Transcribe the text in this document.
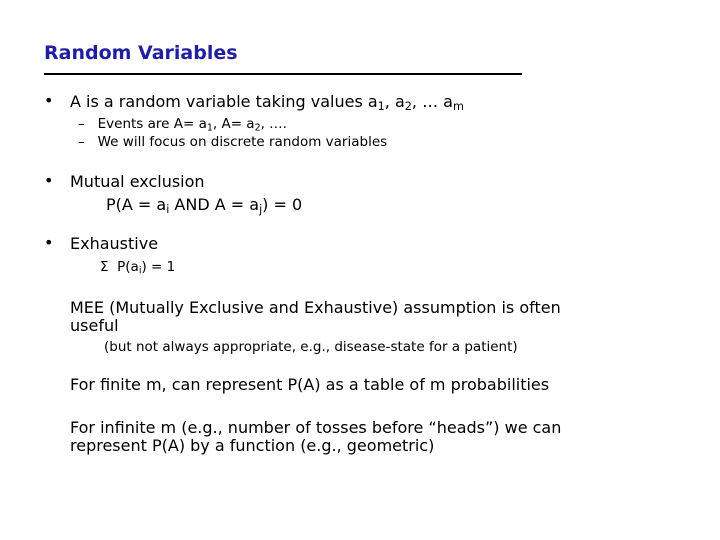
Random Variables
• A is a random variable taking values $a_1$, $a_2$, … $a_m$
– Events are $A= a_1$, $A= a_2$, ….
– We will focus on discrete random variables
• Mutual exclusion
$P(A = a_i$ AND $A = a_j) = 0$
• Exhaustive
Σ $P(a_i) = 1$
MEE (Mutually Exclusive and Exhaustive) assumption is often
useful
(but not always appropriate, e.g., disease-state for a patient)
For finite m, can represent P(A) as a table of m probabilities
For infinite m (e.g., number of tosses before “heads”) we can
represent P(A) by a function (e.g., geometric)
